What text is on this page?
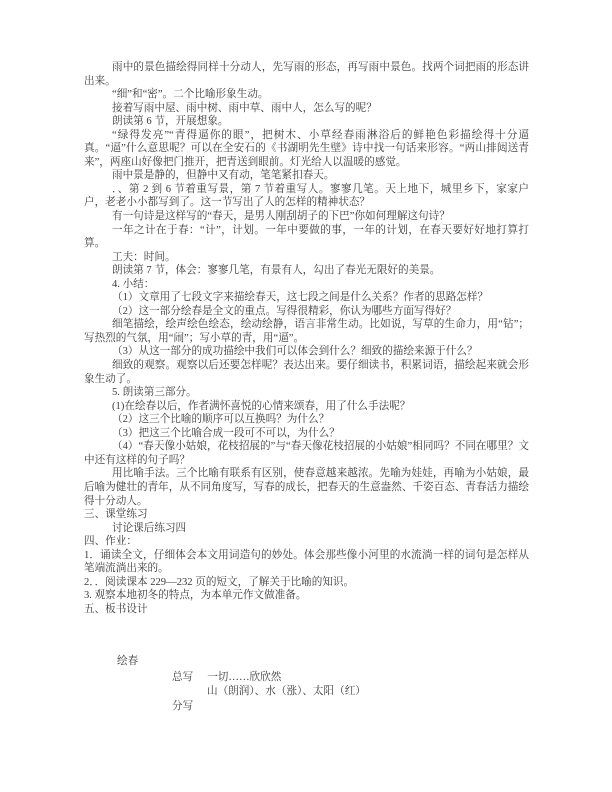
雨中的景色描绘得同样十分动人，先写雨的形态，再写雨中景色。找两个词把雨的形态讲出来。
“细”和“密”。二个比喻形象生动。
接着写雨中屋、雨中树、雨中草、雨中人，怎么写的呢？
朗读第 6 节，开展想象。
“绿得发亮”“青得逼你的眼”，把树木、小草经春雨淋浴后的鲜艳色彩描绘得十分逼真。“逼”什么意思呢？可以在全安石的《书湖明先生壁》诗中找一句话来形容。“两山排闼送青来”，两座山好像把门推开，把青送到眼前。灯光给人以温暖的感觉。
雨中景是静的，但静中又有动，笔笔紧扣春天。
．、第 2 到 6 节着重写景，第 7 节着重写人。寥寥几笔。天上地下，城里乡下，家家户户，老老小小都写到了。这一节写出了人的怎样的精神状态？
有一句诗是这样写的“春天，是男人刚刮胡子的下巴”你如何理解这句诗？
一年之计在于春：“计”，计划。一年中要做的事，一年的计划，在春天要好好地打算打算。
工夫：时间。
朗读第 7 节，体会：寥寥几笔，有景有人，勾出了春光无限好的美景。
4. 小结：
（1）文章用了七段文字来描绘春天，这七段之间是什么关系？作者的思路怎样？
（2）这一部分绘春是全文的重点。写得很精彩，你认为哪些方面写得好？
细笔描绘，绘声绘色绘态，绘动绘静，语言非常生动。比如说，写草的生命力，用“钻”；写热烈的气氛，用“闹”；写小草的青，用“逼”。
（3）从这一部分的成功描绘中我们可以体会到什么？细致的描绘来源于什么？
细致的观察。观察以后还要怎样呢？表达出来。要仔细读书，积累词语，描绘起来就会形象生动了。
5. 朗读第三部分。
(1)在绘春以后，作者满怀喜悦的心情来颂春，用了什么手法呢？
（2）这三个比喻的顺序可以互换吗？为什么？
（3）把这三个比喻合成一段可不可以，为什么？
（4）“春天像小姑娘，花枝招展的”与“春天像花枝招展的小姑娘”相同吗？不同在哪里？文中还有这样的句子吗？
用比喻手法。三个比喻有联系有区别，使春意越来越浓。先喻为娃娃，再喻为小姑娘，最后喻为健壮的青年，从不同角度写，写春的成长，把春天的生意盎然、千姿百态、青春活力描绘得十分动人。
三、课堂练习
讨论课后练习四
四、作业：
1．诵读全文，仔细体会本文用词造句的妙处。体会那些像小河里的水流淌一样的词句是怎样从笔端流淌出来的。
2．．阅读课本 229—232 页的短文，了解关于比喻的知识。
3. 观察本地初冬的特点，为本单元作文做准备。
五、板书设计
绘春
总写 一切……欣欣然
山（朗润）、水（涨）、太阳（红）
分写
